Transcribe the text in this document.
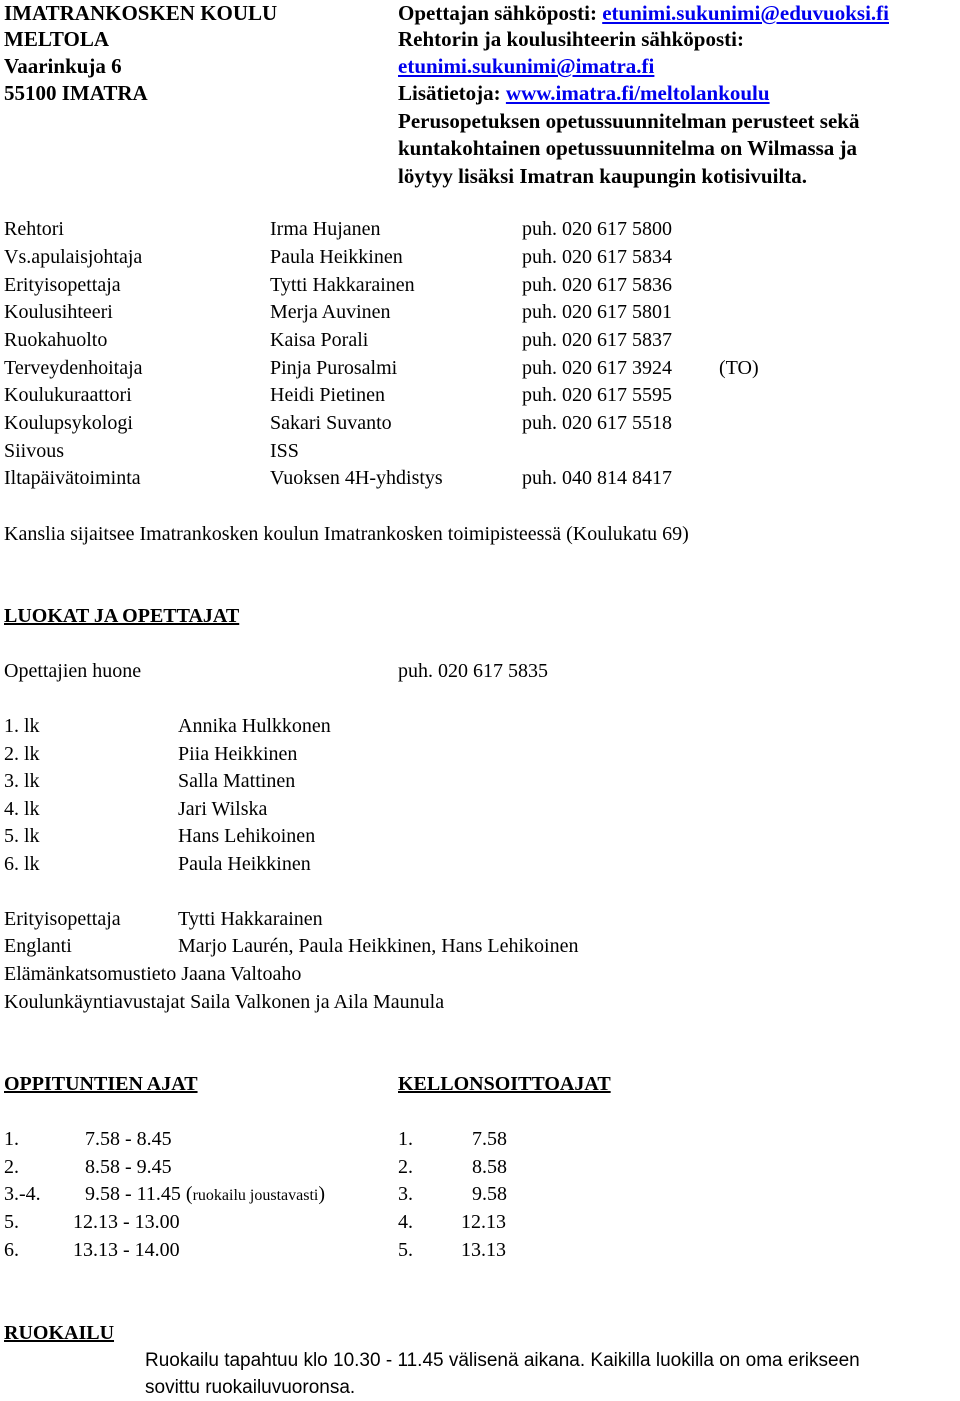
IMATRANKOSKEN KOULU
MELTOLA
Vaarinkuja 6
55100 IMATRA
Opettajan sähköposti: etunimi.sukunimi@eduvuoksi.fi
Rehtorin ja koulusihteerin sähköposti:
etunimi.sukunimi@imatra.fi
Lisätietoja: www.imatra.fi/meltolankoulu
Perusopetuksen opetussuunnitelman perusteet sekä
kuntakohtainen opetussuunnitelma on Wilmassa ja
löytyy lisäksi Imatran kaupungin kotisivuilta.
Rehtori	Irma Hujanen	puh. 020 617 5800
Vs.apulaisjohtaja	Paula Heikkinen	puh. 020 617 5834
Erityisopettaja	Tytti Hakkarainen	puh. 020 617 5836
Koulusihteeri	Merja Auvinen	puh. 020 617 5801
Ruokahuolto	Kaisa Porali	puh. 020 617 5837
Terveydenhoitaja	Pinja Purosalmi	puh. 020 617 3924 (TO)
Koulukuraattori	Heidi Pietinen	puh. 020 617 5595
Koulupsykologi	Sakari Suvanto	puh. 020 617 5518
Siivous	ISS
Iltapäivätoiminta	Vuoksen 4H-yhdistys	puh. 040 814 8417
Kanslia sijaitsee Imatrankosken koulun Imatrankosken toimipisteessä (Koulukatu 69)
LUOKAT JA OPETTAJAT
Opettajien huone	puh. 020 617 5835
1. lk	Annika Hulkkonen
2. lk	Piia Heikkinen
3. lk	Salla Mattinen
4. lk	Jari Wilska
5. lk	Hans Lehikoinen
6. lk	Paula Heikkinen
Erityisopettaja	Tytti Hakkarainen
Englanti	Marjo Laurén, Paula Heikkinen, Hans Lehikoinen
Elämänkatsomustieto Jaana Valtoaho
Koulunkäyntiavustajat Saila Valkonen ja Aila Maunula
OPPITUNTIEN AJAT	KELLONSOITTOAJAT
1.	7.58 - 8.45
2.	8.58 - 9.45
3.-4. 9.58 - 11.45 (ruokailu joustavasti)
5.	12.13 - 13.00
6.	13.13 - 14.00
1.	7.58
2.	8.58
3.	9.58
4. 12.13
5. 13.13
RUOKAILU
Ruokailu tapahtuu klo 10.30 - 11.45 välisenä aikana. Kaikilla luokilla on oma erikseen
sovittu ruokailuvuoronsa.
